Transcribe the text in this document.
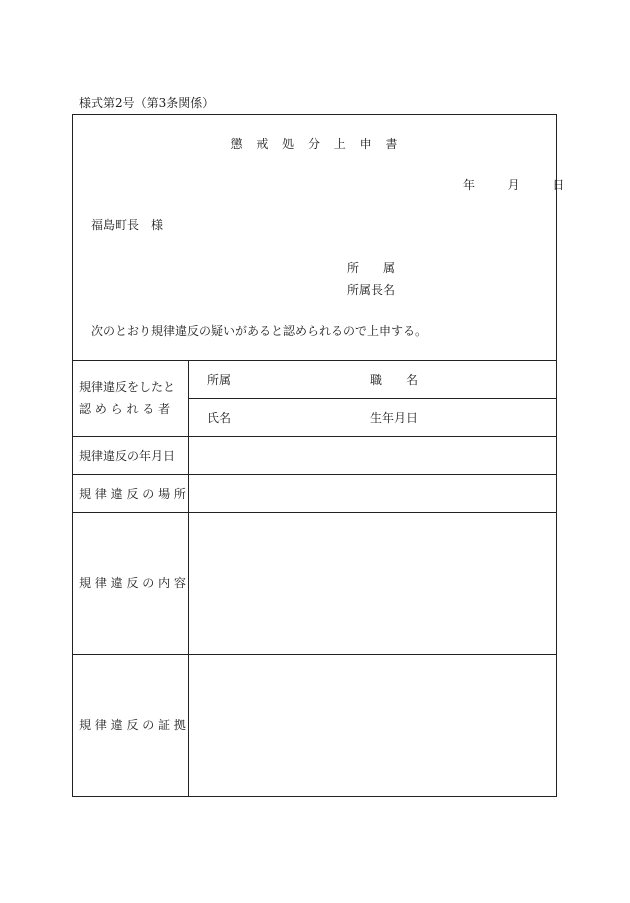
様式第2号（第3条関係）
懲 戒 処 分 上 申 書
年	月	日
福島町長　様
所　　属
所属長名
次のとおり規律違反の疑いがあると認められるので上申する。
規律違反をしたと
認 め ら れ る 者
所属	職　　名
氏名	生年月日
規律違反の年月日
規 律 違 反 の 場 所
規 律 違 反 の 内 容
規 律 違 反 の 証 拠
